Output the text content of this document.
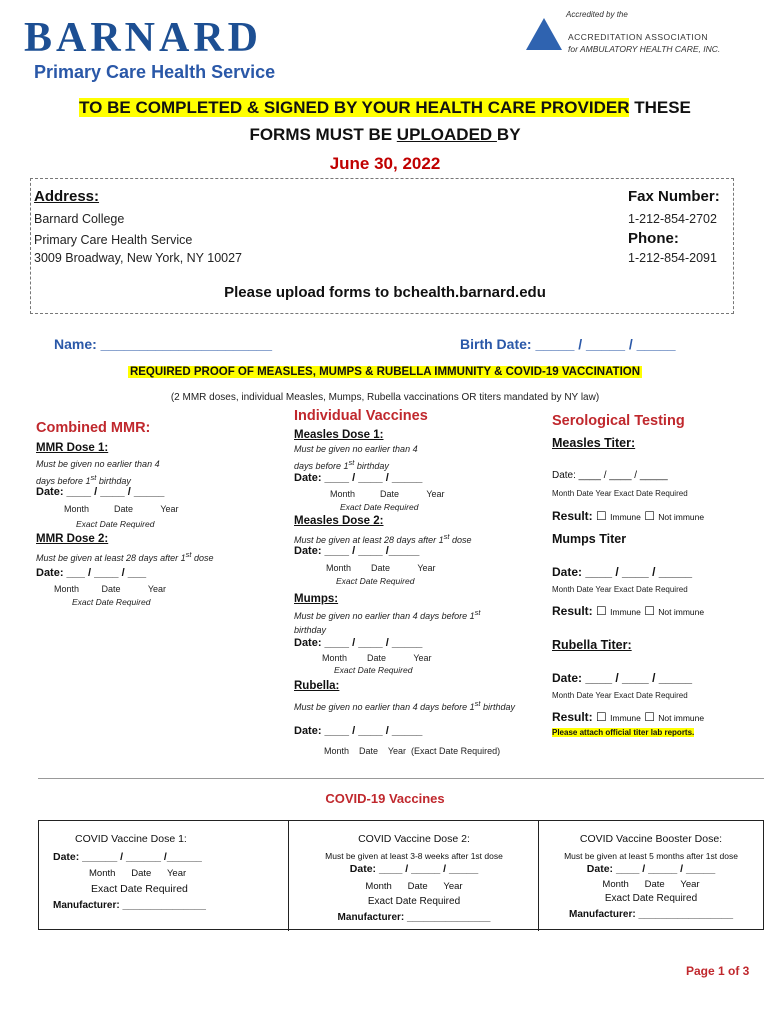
BARNARD
Primary Care Health Service
Accredited by the
ACCREDITATION ASSOCIATION
for AMBULATORY HEALTH CARE, INC.
TO BE COMPLETED & SIGNED BY YOUR HEALTH CARE PROVIDER THESE
FORMS MUST BE UPLOADED BY
June 30, 2022
Address:
Barnard College
Primary Care Health Service
3009 Broadway, New York, NY 10027
Fax Number:
1-212-854-2702
Phone:
1-212-854-2091
Please upload forms to bchealth.barnard.edu
Name: ______________________	Birth Date: _____ / _____ / _____
REQUIRED PROOF OF MEASLES, MUMPS & RUBELLA IMMUNITY & COVID-19 VACCINATION
(2 MMR doses, individual Measles, Mumps, Rubella vaccinations OR titers mandated by NY law)
Combined MMR:
MMR Dose 1:
Must be given no earlier than 4
days before 1st birthday
Date: ____ / ____ / _____
Month          Date           Year
Exact Date Required
MMR Dose 2:
Must be given at least 28 days after 1st dose
Date: ___ / ____ / ___
Month         Date           Year
Exact Date Required
Individual Vaccines
Measles Dose 1:
Must be given no earlier than 4
days before 1st birthday
Date: ____ / ____ / _____
Month          Date           Year
Exact Date Required
Measles Dose 2:
Must be given at least 28 days after 1st dose
Date: ____ / ____ /_____
Month        Date           Year
Exact Date Required
Mumps:
Must be given no earlier than 4 days before 1st
birthday
Date: ____ / ____ / _____
Month        Date           Year
Exact Date Required
Rubella:
Must be given no earlier than 4 days before 1st birthday
Date: ____ / ____ / _____
Month    Date    Year  (Exact Date Required)
Serological Testing
Measles Titer:
Date: ____ / ____ / _____
Month Date Year Exact Date Required
Result: ☐ Immune ☐ Not immune
Mumps Titer
Date: ____ / ____ / _____
Month Date Year Exact Date Required
Result: ☐ Immune ☐ Not immune
Rubella Titer:
Date: ____ / ____ / _____
Month Date Year Exact Date Required
Result: ☐ Immune ☐ Not immune
Please attach official titer lab reports.
COVID-19 Vaccines
COVID Vaccine Dose 1:
Date: ______ / ______ /______
Month      Date      Year
Exact Date Required
Manufacturer: _______________
COVID Vaccine Dose 2:
Must be given at least 3-8 weeks after 1st dose
Date: ____ / _____ / _____
Month      Date      Year
Exact Date Required
Manufacturer: _______________
COVID Vaccine Booster Dose:
Must be given at least 5 months after 1st dose
Date: ____ / _____ / _____
Month      Date      Year
Exact Date Required
Manufacturer: _________________
Page 1 of 3
